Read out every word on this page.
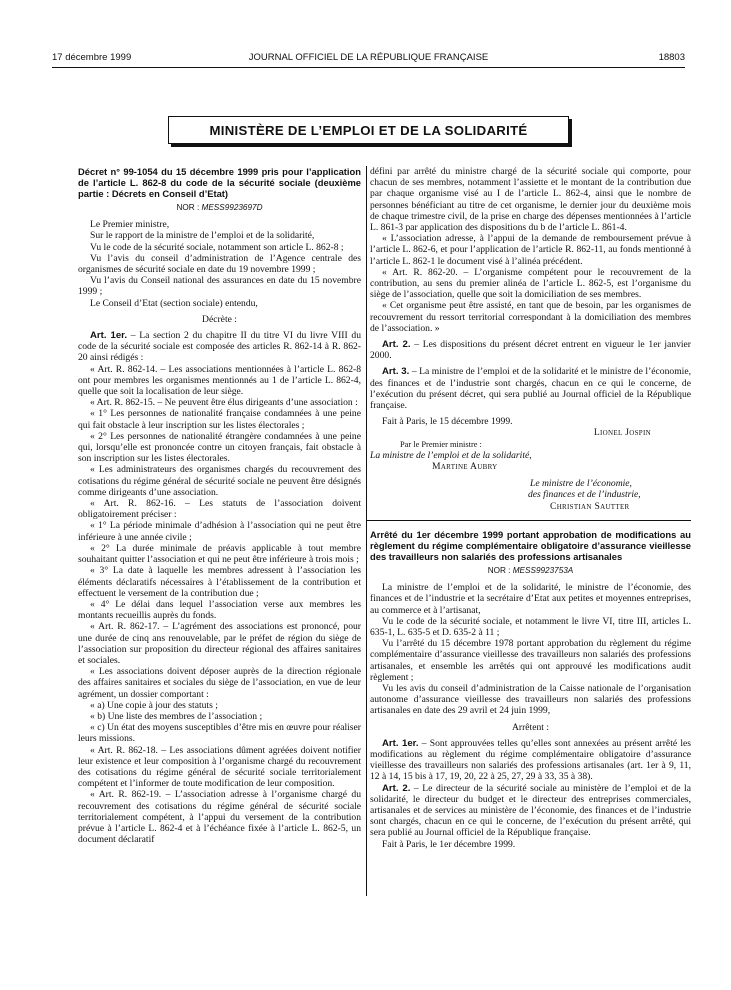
17 décembre 1999	JOURNAL OFFICIEL DE LA RÉPUBLIQUE FRANÇAISE	18803
MINISTÈRE DE L’EMPLOI ET DE LA SOLIDARITÉ

Décret n° 99-1054 du 15 décembre 1999 pris pour l’application de l’article L. 862-8 du code de la sécurité sociale (deuxième partie : Décrets en Conseil d’Etat)

NOR : MESS9923697D

Le Premier ministre,

Sur le rapport de la ministre de l’emploi et de la solidarité,

Vu le code de la sécurité sociale, notamment son article L. 862-8 ;

Vu l’avis du conseil d’administration de l’Agence centrale des organismes de sécurité sociale en date du 19 novembre 1999 ;

Vu l’avis du Conseil national des assurances en date du 15 novembre 1999 ;

Le Conseil d’Etat (section sociale) entendu,

Décrète :

Art. 1er. – La section 2 du chapitre II du titre VI du livre VIII du code de la sécurité sociale est composée des articles R. 862-14 à R. 862-20 ainsi rédigés :

« Art. R. 862-14. – Les associations mentionnées à l’article L. 862-8 ont pour membres les organismes mentionnés au 1 de l’article L. 862-4, quelle que soit la localisation de leur siège.

« Art. R. 862-15. – Ne peuvent être élus dirigeants d’une association :

« 1° Les personnes de nationalité française condamnées à une peine qui fait obstacle à leur inscription sur les listes électorales ;

« 2° Les personnes de nationalité étrangère condamnées à une peine qui, lorsqu’elle est prononcée contre un citoyen français, fait obstacle à son inscription sur les listes électorales.

« Les administrateurs des organismes chargés du recouvrement des cotisations du régime général de sécurité sociale ne peuvent être désignés comme dirigeants d’une association.

« Art. R. 862-16. – Les statuts de l’association doivent obligatoirement préciser :

« 1° La période minimale d’adhésion à l’association qui ne peut être inférieure à une année civile ;

« 2° La durée minimale de préavis applicable à tout membre souhaitant quitter l’association et qui ne peut être inférieure à trois mois ;

« 3° La date à laquelle les membres adressent à l’association les éléments déclaratifs nécessaires à l’établissement de la contribution et effectuent le versement de la contribution due ;

« 4° Le délai dans lequel l’association verse aux membres les montants recueillis auprès du fonds.

« Art. R. 862-17. – L’agrément des associations est prononcé, pour une durée de cinq ans renouvelable, par le préfet de région du siège de l’association sur proposition du directeur régional des affaires sanitaires et sociales.

« Les associations doivent déposer auprès de la direction régionale des affaires sanitaires et sociales du siège de l’association, en vue de leur agrément, un dossier comportant :

« a) Une copie à jour des statuts ;

« b) Une liste des membres de l’association ;

« c) Un état des moyens susceptibles d’être mis en œuvre pour réaliser leurs missions.

« Art. R. 862-18. – Les associations dûment agréées doivent notifier leur existence et leur composition à l’organisme chargé du recouvrement des cotisations du régime général de sécurité sociale territorialement compétent et l’informer de toute modification de leur composition.

« Art. R. 862-19. – L’association adresse à l’organisme chargé du recouvrement des cotisations du régime général de sécurité sociale territorialement compétent, à l’appui du versement de la contribution prévue à l’article L. 862-4 et à l’échéance fixée à l’article L. 862-5, un document déclaratif

défini par arrêté du ministre chargé de la sécurité sociale qui comporte, pour chacun de ses membres, notamment l’assiette et le montant de la contribution due par chaque organisme visé au I de l’article L. 862-4, ainsi que le nombre de personnes bénéficiant au titre de cet organisme, le dernier jour du deuxième mois de chaque trimestre civil, de la prise en charge des dépenses mentionnées à l’article L. 861-3 par application des dispositions du b de l’article L. 861-4.

« L’association adresse, à l’appui de la demande de remboursement prévue à l’article L. 862-6, et pour l’application de l’article R. 862-11, au fonds mentionné à l’article L. 862-1 le document visé à l’alinéa précédent.

« Art. R. 862-20. – L’organisme compétent pour le recouvrement de la contribution, au sens du premier alinéa de l’article L. 862-5, est l’organisme du siège de l’association, quelle que soit la domiciliation de ses membres.

« Cet organisme peut être assisté, en tant que de besoin, par les organismes de recouvrement du ressort territorial correspondant à la domiciliation des membres de l’association. »

Art. 2. – Les dispositions du présent décret entrent en vigueur le 1er janvier 2000.

Art. 3. – La ministre de l’emploi et de la solidarité et le ministre de l’économie, des finances et de l’industrie sont chargés, chacun en ce qui le concerne, de l’exécution du présent décret, qui sera publié au Journal officiel de la République française.

Fait à Paris, le 15 décembre 1999.

Lionel Jospin

Par le Premier ministre :

La ministre de l’emploi et de la solidarité,

Martine Aubry

Le ministre de l’économie,

des finances et de l’industrie,

Christian Sautter

Arrêté du 1er décembre 1999 portant approbation de modifications au règlement du régime complémentaire obligatoire d’assurance vieillesse des travailleurs non salariés des professions artisanales

NOR : MESS9923753A

La ministre de l’emploi et de la solidarité, le ministre de l’économie, des finances et de l’industrie et la secrétaire d’Etat aux petites et moyennes entreprises, au commerce et à l’artisanat,

Vu le code de la sécurité sociale, et notamment le livre VI, titre III, articles L. 635-1, L. 635-5 et D. 635-2 à 11 ;

Vu l’arrêté du 15 décembre 1978 portant approbation du règlement du régime complémentaire d’assurance vieillesse des travailleurs non salariés des professions artisanales, et ensemble les arrêtés qui ont approuvé les modifications audit règlement ;

Vu les avis du conseil d’administration de la Caisse nationale de l’organisation autonome d’assurance vieillesse des travailleurs non salariés des professions artisanales en date des 29 avril et 24 juin 1999,

Arrêtent :

Art. 1er. – Sont approuvées telles qu’elles sont annexées au présent arrêté les modifications au règlement du régime complémentaire obligatoire d’assurance vieillesse des travailleurs non salariés des professions artisanales (art. 1er à 9, 11, 12 à 14, 15 bis à 17, 19, 20, 22 à 25, 27, 29 à 33, 35 à 38).

Art. 2. – Le directeur de la sécurité sociale au ministère de l’emploi et de la solidarité, le directeur du budget et le directeur des entreprises commerciales, artisanales et de services au ministère de l’économie, des finances et de l’industrie sont chargés, chacun en ce qui le concerne, de l’exécution du présent arrêté, qui sera publié au Journal officiel de la République française.

Fait à Paris, le 1er décembre 1999.
